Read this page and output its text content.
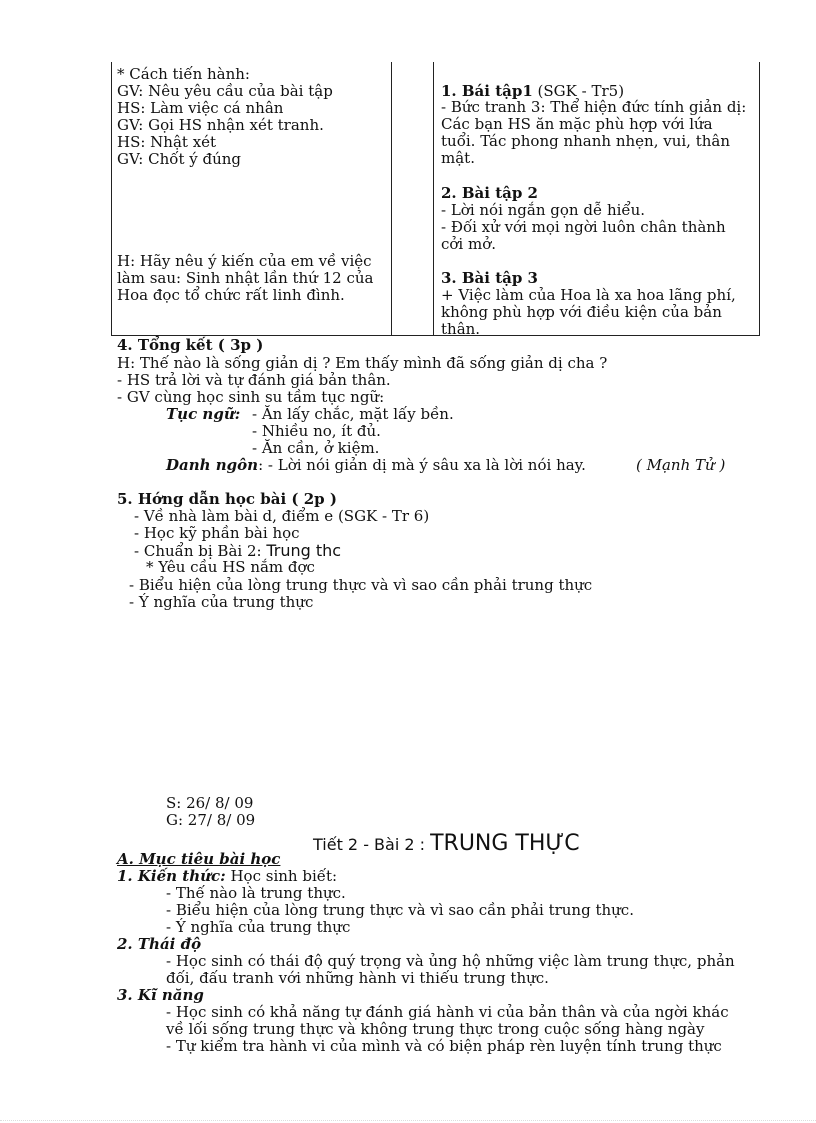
* Cách tiến hành:
GV: Nêu yêu cầu của bài tập
HS: Làm việc cá nhân
GV: Gọi HS nhận xét tranh.
HS: Nhật xét
GV: Chốt ý đúng
H: Hãy nêu ý kiến của em về việc
làm sau: Sinh nhật lần thứ 12 của
Hoa đọc tổ chức rất linh đình.
1. Bái tập1 (SGK - Tr5)
- Bức tranh 3: Thể hiện đức tính giản dị:
Các bạn HS ăn mặc phù hợp với lứa
tuổi. Tác phong nhanh nhẹn, vui, thân
mật.
2. Bài tập 2
- Lời nói ngắn gọn dễ hiểu.
- Đối xử với mọi ngời luôn chân thành
cởi mở.
3. Bài tập 3
+ Việc làm của Hoa là xa hoa lãng phí,
không phù hợp với điều kiện của bản
thân.
4. Tổng kết ( 3p )
H: Thế nào là sống giản dị ? Em thấy mình đã sống giản dị cha ?
- HS trả lời và tự đánh giá bản thân.
- GV cùng học sinh su tầm tục ngữ:
Tục ngữ: - Ăn lấy chắc, mặt lấy bền.
- Nhiều no, ít đủ.
- Ăn cần, ở kiệm.
Danh ngôn: - Lời nói giản dị mà ý sâu xa là lời nói hay.	( Mạnh Tử )
5. Hớng dẫn học bài ( 2p )
- Về nhà làm bài d, điểm e (SGK - Tr 6)
- Học kỹ phần bài học
- Chuẩn bị Bài 2: Trung thc
* Yêu cầu HS nắm đợc
- Biểu hiện của lòng trung thực và vì sao cần phải trung thực
- Ý nghĩa của trung thực
S: 26/ 8/ 09
G: 27/ 8/ 09
Tiết 2 - Bài 2 : TRUNG THỰC
A. Mục tiêu bài học
1. Kiến thức: Học sinh biết:
- Thế nào là trung thực.
- Biểu hiện của lòng trung thực và vì sao cần phải trung thực.
- Ý nghĩa của trung thực
2. Thái độ
- Học sinh có thái độ quý trọng và ủng hộ những việc làm trung thực, phản
đối, đấu tranh với những hành vi thiếu trung thực.
3. Kĩ năng
- Học sinh có khả năng tự đánh giá hành vi của bản thân và của ngời khác
về lối sống trung thực và không trung thực trong cuộc sống hàng ngày
- Tự kiểm tra hành vi của mình và có biện pháp rèn luyện tính trung thực
